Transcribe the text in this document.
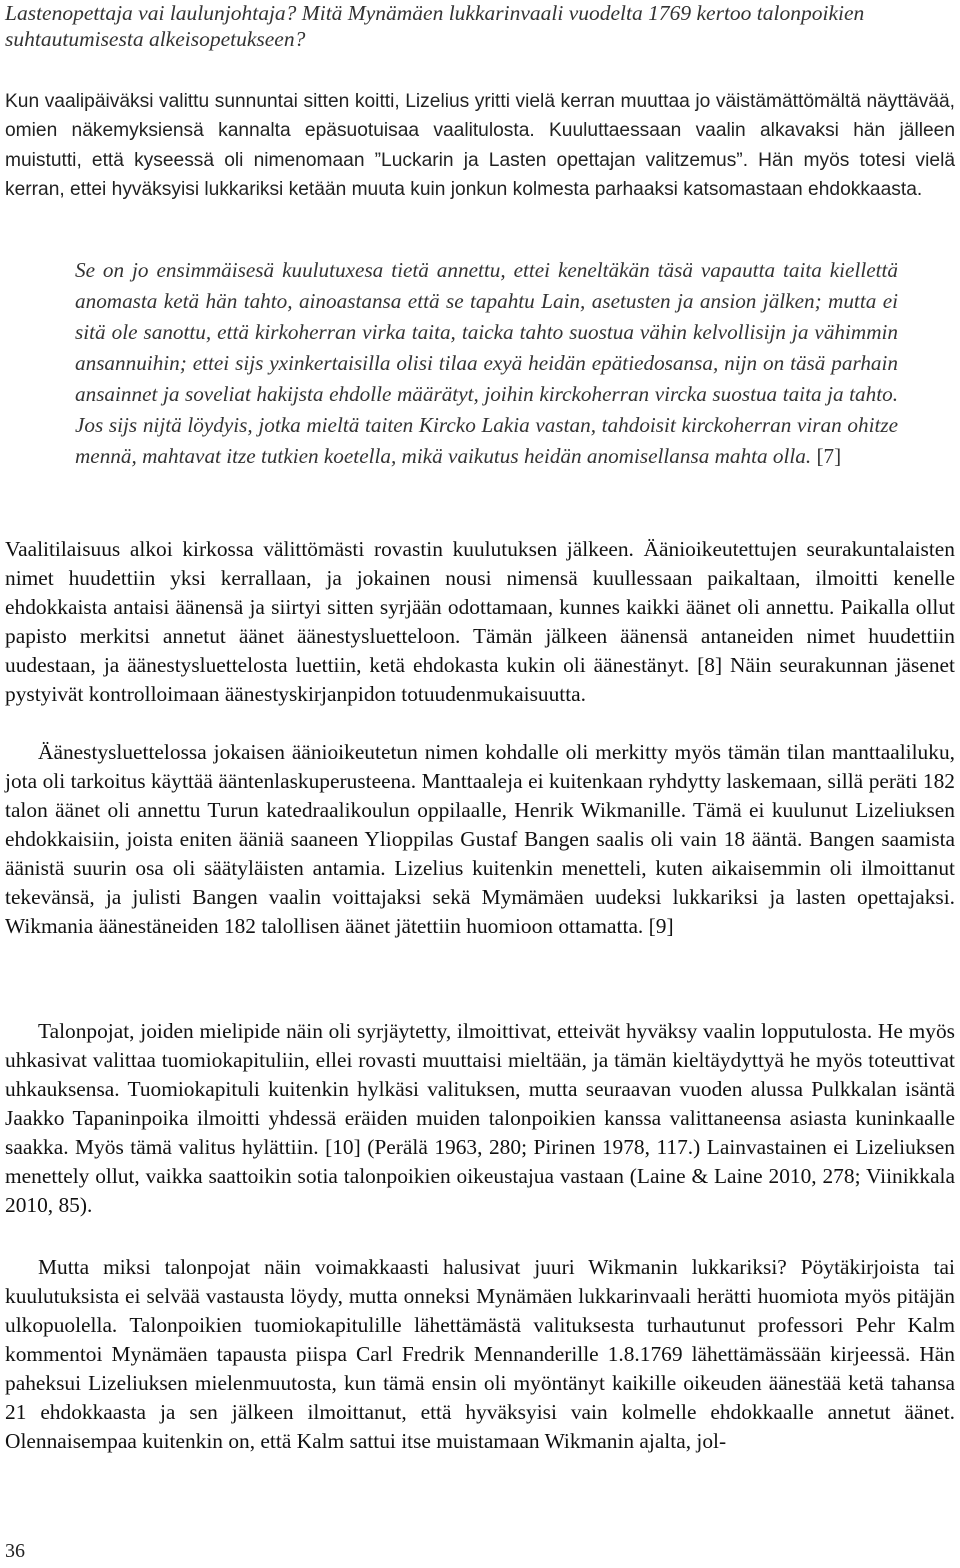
Lastenopettaja vai laulunjohtaja? Mitä Mynämäen lukkarinvaali vuodelta 1769 kertoo talonpoikien suhtautumisesta alkeisopetukseen?

Kun vaalipäiväksi valittu sunnuntai sitten koitti, Lizelius yritti vielä kerran muuttaa jo väistämättömältä näyttävää, omien näkemyksiensä kannalta epäsuotuisaa vaalitulosta. Kuuluttaessaan vaalin alkavaksi hän jälleen muistutti, että kyseessä oli nimenomaan ”Luckarin ja Lasten opettajan valitzemus”. Hän myös totesi vielä kerran, ettei hyväksyisi lukkariksi ketään muuta kuin jonkun kolmesta parhaaksi katsomastaan ehdokkaasta.

Se on jo ensimmäisesä kuulutuxesa tietä annettu, ettei keneltäkän täsä vapautta taita kiellettä anomasta ketä hän tahto, ainoastansa että se tapahtu Lain, asetusten ja ansion jälken; mutta ei sitä ole sanottu, että kirkoherran virka taita, taicka tahto suostua vähin kelvollisijn ja vähimmin ansannuihin; ettei sijs yxinkertaisilla olisi tilaa exyä heidän epätiedosansa, nijn on täsä parhain ansainnet ja soveliat hakijsta ehdolle määrätyt, joihin kirckoherran vircka suostua taita ja tahto. Jos sijs nijtä löydyis, jotka mieltä taiten Kircko Lakia vastan, tahdoisit kirckoherran viran ohitze mennä, mahtavat itze tutkien koetella, mikä vaikutus heidän anomisellansa mahta olla. [7]

Vaalitilaisuus alkoi kirkossa välittömästi rovastin kuulutuksen jälkeen. Äänioikeutettujen seurakuntalaisten nimet huudettiin yksi kerrallaan, ja jokainen nousi nimensä kuullessaan paikaltaan, ilmoitti kenelle ehdokkaista antaisi äänensä ja siirtyi sitten syrjään odottamaan, kunnes kaikki äänet oli annettu. Paikalla ollut papisto merkitsi annetut äänet äänestysluetteloon. Tämän jälkeen äänensä antaneiden nimet huudettiin uudestaan, ja äänestysluettelosta luettiin, ketä ehdokasta kukin oli äänestänyt. [8] Näin seurakunnan jäsenet pystyivät kontrolloimaan äänestyskirjanpidon totuudenmukaisuutta.

Äänestysluettelossa jokaisen äänioikeutetun nimen kohdalle oli merkitty myös tämän tilan manttaaliluku, jota oli tarkoitus käyttää ääntenlaskuperusteena. Manttaaleja ei kuitenkaan ryhdytty laskemaan, sillä peräti 182 talon äänet oli annettu Turun katedraalikoulun oppilaalle, Henrik Wikmanille. Tämä ei kuulunut Lizeliuksen ehdokkaisiin, joista eniten ääniä saaneen Ylioppilas Gustaf Bangen saalis oli vain 18 ääntä. Bangen saamista äänistä suurin osa oli säätyläisten antamia. Lizelius kuitenkin menetteli, kuten aikaisemmin oli ilmoittanut tekevänsä, ja julisti Bangen vaalin voittajaksi sekä Mymämäen uudeksi lukkariksi ja lasten opettajaksi. Wikmania äänestäneiden 182 talollisen äänet jätettiin huomioon ottamatta. [9]

Talonpojat, joiden mielipide näin oli syrjäytetty, ilmoittivat, etteivät hyväksy vaalin lopputulosta. He myös uhkasivat valittaa tuomiokapituliin, ellei rovasti muuttaisi mieltään, ja tämän kieltäydyttyä he myös toteuttivat uhkauksensa. Tuomiokapituli kuitenkin hylkäsi valituksen, mutta seuraavan vuoden alussa Pulkkalan isäntä Jaakko Tapaninpoika ilmoitti yhdessä eräiden muiden talonpoikien kanssa valittaneensa asiasta kuninkaalle saakka. Myös tämä valitus hylättiin. [10] (Perälä 1963, 280; Pirinen 1978, 117.) Lainvastainen ei Lizeliuksen menettely ollut, vaikka saattoikin sotia talonpoikien oikeustajua vastaan (Laine & Laine 2010, 278; Viinikkala 2010, 85).

Mutta miksi talonpojat näin voimakkaasti halusivat juuri Wikmanin lukkariksi? Pöytäkirjoista tai kuulutuksista ei selvää vastausta löydy, mutta onneksi Mynämäen lukkarinvaali herätti huomiota myös pitäjän ulkopuolella. Talonpoikien tuomiokapitulille lähettämästä valituksesta turhautunut professori Pehr Kalm kommentoi Mynämäen tapausta piispa Carl Fredrik Mennanderille 1.8.1769 lähettämässään kirjeessä. Hän paheksui Lizeliuksen mielenmuutosta, kun tämä ensin oli myöntänyt kaikille oikeuden äänestää ketä tahansa 21 ehdokkaasta ja sen jälkeen ilmoittanut, että hyväksyisi vain kolmelle ehdokkaalle annetut äänet. Olennaisempaa kuitenkin on, että Kalm sattui itse muistamaan Wikmanin ajalta, jol-

36
